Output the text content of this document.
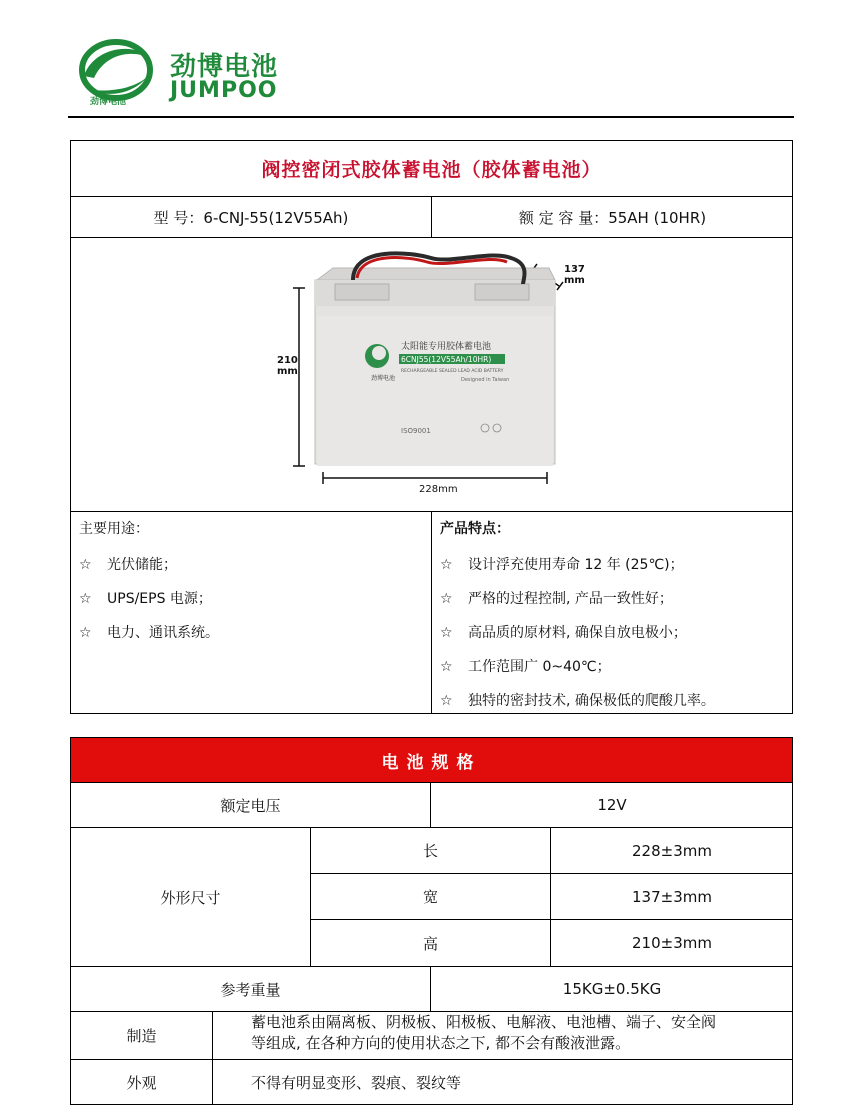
劲博电池
劲博电池
JUMPOO
阀控密闭式胶体蓄电池（胶体蓄电池）
型 号： 6-CNJ-55(12V55Ah)	额 定 容 量： 55AH (10HR)
太阳能专用胶体蓄电池
6CNJ55(12V55Ah/10HR)
RECHARGEABLE SEALED LEAD ACID BATTERY
劲博电池	Designed in Taiwan
ISO9001
210
mm
137
mm
228mm
主要用途：
☆ 光伏储能；
☆ UPS/EPS 电源；
☆ 电力、通讯系统。
产品特点：
☆ 设计浮充使用寿命 12 年 (25℃)；
☆ 严格的过程控制, 产品一致性好；
☆ 高品质的原材料, 确保自放电极小；
☆ 工作范围广 0~40℃；
☆ 独特的密封技术, 确保极低的爬酸几率。
电池规格
额定电压	12V
外形尺寸
长	228±3mm
宽	137±3mm
高	210±3mm
参考重量	15KG±0.5KG
制造
蓄电池系由隔离板、阴极板、阳极板、电解液、电池槽、端子、安全阀
等组成, 在各种方向的使用状态之下, 都不会有酸液泄露。
外观	不得有明显变形、裂痕、裂纹等
